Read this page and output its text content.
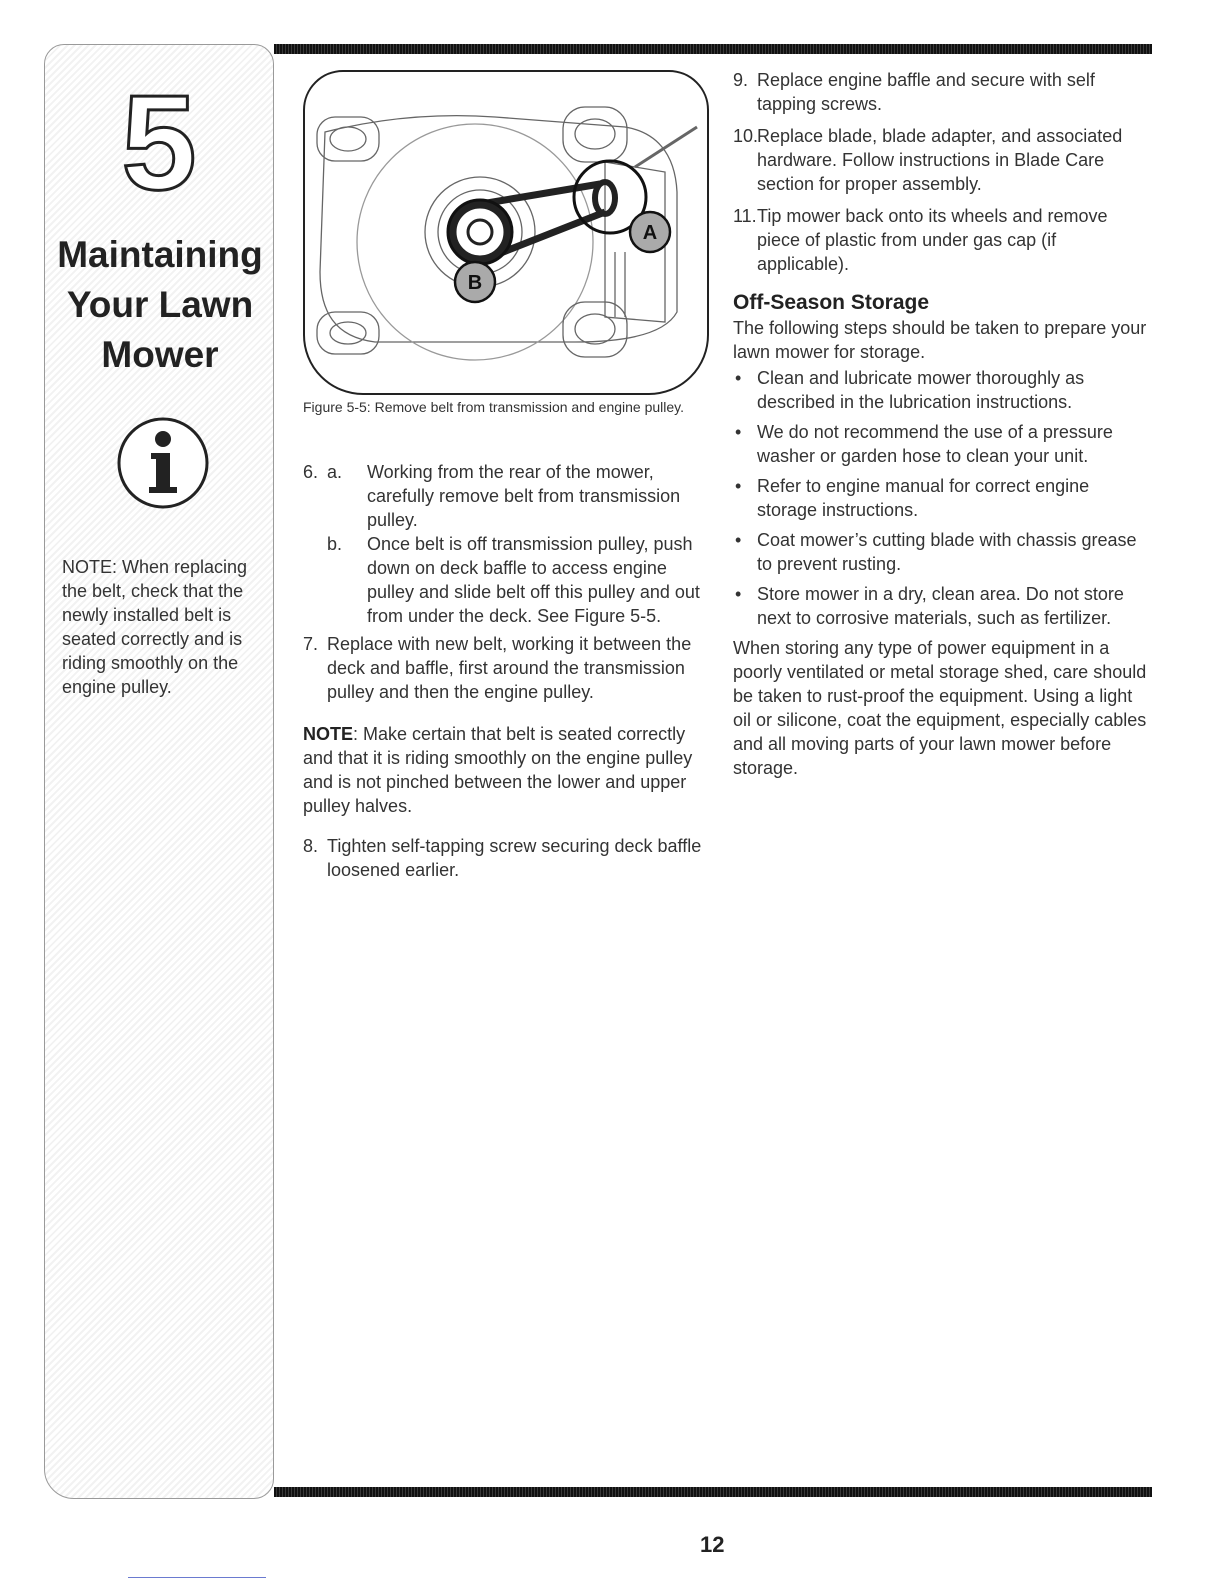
5
Maintaining
Your Lawn
Mower
NOTE: When replacing the belt, check that the newly installed belt is seated correctly and is riding smoothly on the engine pulley.
A
B
Figure 5-5: Remove belt from transmission and engine pulley.
6. a.	Working from the rear of the mower, carefully remove belt from transmission pulley.
b.	Once belt is off transmission pulley, push down on deck baffle to access engine pulley and slide belt off this pulley and out from under the deck. See Figure 5-5.
7. Replace with new belt, working it between the deck and baffle, first around the transmission pulley and then the engine pulley.

NOTE: Make certain that belt is seated correctly and that it is riding smoothly on the engine pulley and is not pinched between the lower and upper pulley halves.

8. Tighten self-tapping screw securing deck baffle loosened earlier.
9. Replace engine baffle and secure with self tapping screws.
10.
Replace blade, blade adapter, and associated hardware. Follow instructions in Blade Care section for proper assembly.
11. Tip mower back onto its wheels and remove piece of plastic from under gas cap (if applicable).
Off-Season Storage

The following steps should be taken to prepare your lawn mower for storage.

• Clean and lubricate mower thoroughly as described in the lubrication instructions.
• We do not recommend the use of a pressure washer or garden hose to clean your unit.
• Refer to engine manual for correct engine storage instructions.
• Coat mower’s cutting blade with chassis grease to prevent rusting.
• Store mower in a dry, clean area. Do not store next to corrosive materials, such as fertilizer.

When storing any type of power equipment in a poorly ventilated or metal storage shed, care should be taken to rust-proof the equipment. Using a light oil or silicone, coat the equipment, especially cables and all moving parts of your lawn mower before storage.

12
